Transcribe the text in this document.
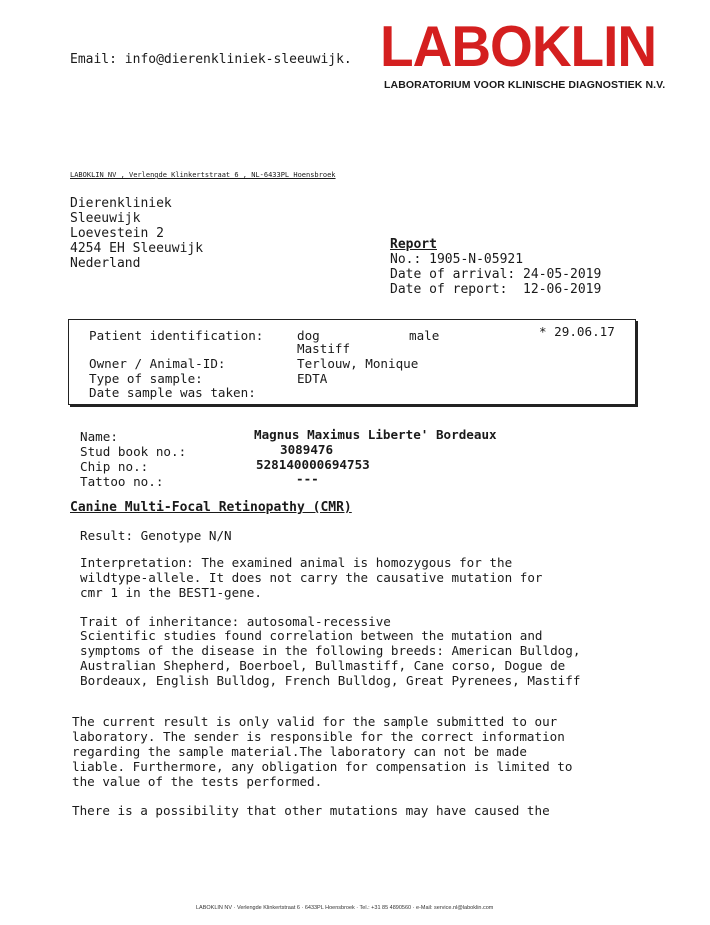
Email: info@dierenkliniek-sleeuwijk. LABOKLIN
LABORATORIUM VOOR KLINISCHE DIAGNOSTIEK N.V.
LABOKLIN NV , Verlengde Klinkertstraat 6 , NL-6433PL Hoensbroek

Dierenkliniek

Sleeuwijk

Loevestein 2

4254 EH Sleeuwijk

Nederland

Report

No.: 1905-N-05921

Date of arrival: 24-05-2019

Date of report:  12-06-2019

Patient identification:	dog	male	* 29.06.17
Mastiff
Owner / Animal-ID:	Terlouw, Monique
Type of sample:	EDTA
Date sample was taken:

Name:

	Magnus Maximus Liberte' Bordeaux

Stud book no.:

	3089476

Chip no.:

	528140000694753

Tattoo no.:

	---

Canine Multi-Focal Retinopathy (CMR)

Result: Genotype N/N

Interpretation: The examined animal is homozygous for the

wildtype-allele. It does not carry the causative mutation for

cmr 1 in the BEST1-gene.

Trait of inheritance: autosomal-recessive

Scientific studies found correlation between the mutation and

symptoms of the disease in the following breeds: American Bulldog,

Australian Shepherd, Boerboel, Bullmastiff, Cane corso, Dogue de

Bordeaux, English Bulldog, French Bulldog, Great Pyrenees, Mastiff

The current result is only valid for the sample submitted to our

laboratory. The sender is responsible for the correct information

regarding the sample material.The laboratory can not be made

liable. Furthermore, any obligation for compensation is limited to

the value of the tests performed.

There is a possibility that other mutations may have caused the

LABOKLIN NV · Verlengde Klinkertstraat 6 · 6433PL Hoensbroek · Tel.: +31 85 4890560 · e-Mail: service.nl@laboklin.com
